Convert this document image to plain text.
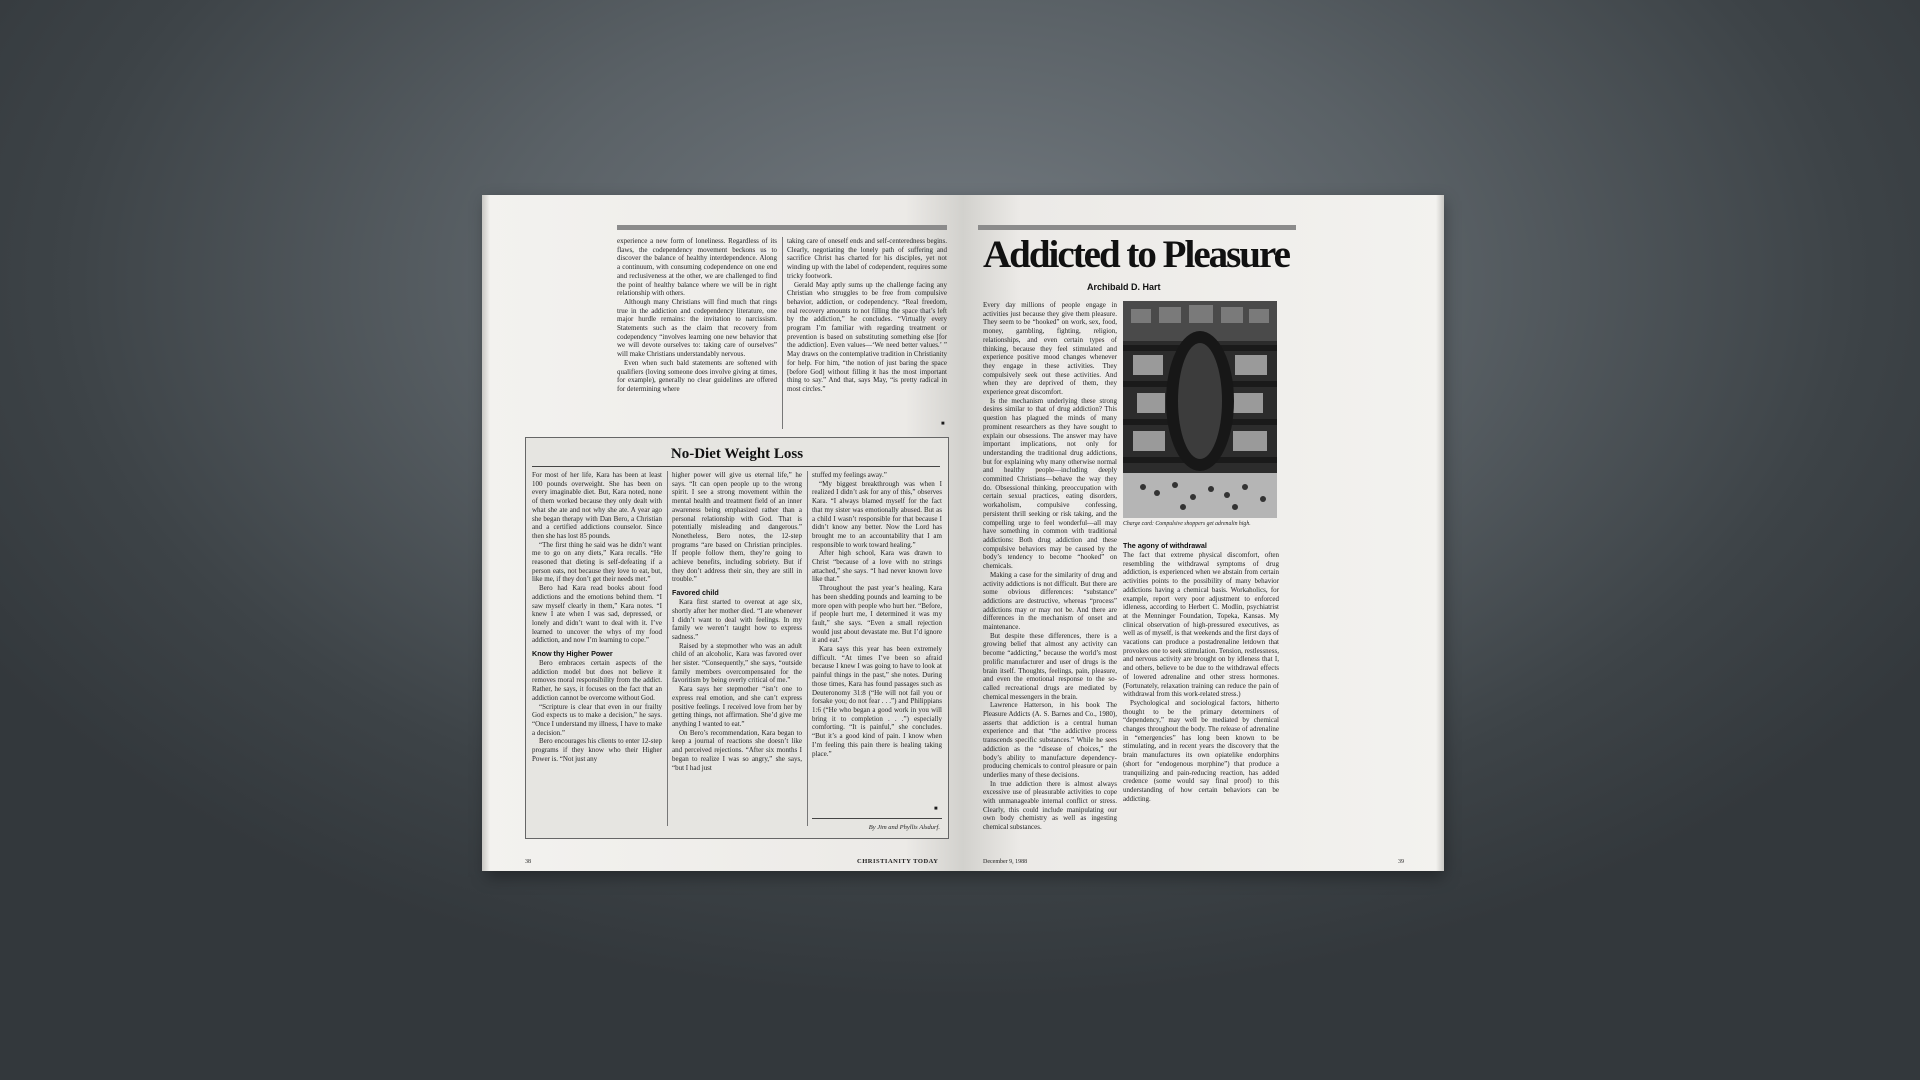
experience a new form of loneliness. Regardless of its flaws, the codependency movement beckons us to discover the balance of healthy interdependence. Along a continuum, with consuming codependence on one end and reclusiveness at the other, we are challenged to find the point of healthy balance where we will be in right relationship with others.

Although many Christians will find much that rings true in the addiction and codependency literature, one major hurdle remains: the invitation to narcissism. Statements such as the claim that recovery from codependency “involves learning one new behavior that we will devote ourselves to: taking care of ourselves” will make Christians understandably nervous.

Even when such bald statements are softened with qualifiers (loving someone does involve giving at times, for example), generally no clear guidelines are offered for determining where

taking care of oneself ends and self-centeredness begins. Clearly, negotiating the lonely path of suffering and sacrifice Christ has charted for his disciples, yet not winding up with the label of codependent, requires some tricky footwork.

Gerald May aptly sums up the challenge facing any Christian who struggles to be free from compulsive behavior, addiction, or codependency. “Real freedom, real recovery amounts to not filling the space that’s left by the addiction,” he concludes. “Virtually every program I’m familiar with regarding treatment or prevention is based on substituting something else [for the addiction]. Even values—‘We need better values.’ ” May draws on the contemplative tradition in Christianity for help. For him, “the notion of just baring the space [before God] without filling it has the most important thing to say.” And that, says May, “is pretty radical in most circles.”

■
No-Diet Weight Loss

For most of her life, Kara has been at least 100 pounds overweight. She has been on every imaginable diet. But, Kara noted, none of them worked because they only dealt with what she ate and not why she ate. A year ago she began therapy with Dan Bero, a Christian and a certified addictions counselor. Since then she has lost 85 pounds.

“The first thing he said was he didn’t want me to go on any diets,” Kara recalls. “He reasoned that dieting is self-defeating if a person eats, not because they love to eat, but, like me, if they don’t get their needs met.”

Bero had Kara read books about food addictions and the emotions behind them. “I saw myself clearly in them,” Kara notes. “I knew I ate when I was sad, depressed, or lonely and didn’t want to deal with it. I’ve learned to uncover the whys of my food addiction, and now I’m learning to cope.”

Know thy Higher Power

Bero embraces certain aspects of the addiction model but does not believe it removes moral responsibility from the addict. Rather, he says, it focuses on the fact that an addiction cannot be overcome without God.

“Scripture is clear that even in our frailty God expects us to make a decision,” he says. “Once I understand my illness, I have to make a decision.”

Bero encourages his clients to enter 12-step programs if they know who their Higher Power is. “Not just any

higher power will give us eternal life,” he says. “It can open people up to the wrong spirit. I see a strong movement within the mental health and treatment field of an inner awareness being emphasized rather than a personal relationship with God. That is potentially misleading and dangerous.” Nonetheless, Bero notes, the 12-step programs “are based on Christian principles. If people follow them, they’re going to achieve benefits, including sobriety. But if they don’t address their sin, they are still in trouble.”

Favored child

Kara first started to overeat at age six, shortly after her mother died. “I ate whenever I didn’t want to deal with feelings. In my family we weren’t taught how to express sadness.”

Raised by a stepmother who was an adult child of an alcoholic, Kara was favored over her sister. “Consequently,” she says, “outside family members overcompensated for the favoritism by being overly critical of me.”

Kara says her stepmother “isn’t one to express real emotion, and she can’t express positive feelings. I received love from her by getting things, not affirmation. She’d give me anything I wanted to eat.”

On Bero’s recommendation, Kara began to keep a journal of reactions she doesn’t like and perceived rejections. “After six months I began to realize I was so angry,” she says, “but I had just

stuffed my feelings away.”

“My biggest breakthrough was when I realized I didn’t ask for any of this,” observes Kara. “I always blamed myself for the fact that my sister was emotionally abused. But as a child I wasn’t responsible for that because I didn’t know any better. Now the Lord has brought me to an accountability that I am responsible to work toward healing.”

After high school, Kara was drawn to Christ “because of a love with no strings attached,” she says. “I had never known love like that.”

Throughout the past year’s healing, Kara has been shedding pounds and learning to be more open with people who hurt her. “Before, if people hurt me, I determined it was my fault,” she says. “Even a small rejection would just about devastate me. But I’d ignore it and eat.”

Kara says this year has been extremely difficult. “At times I’ve been so afraid because I knew I was going to have to look at painful things in the past,” she notes. During those times, Kara has found passages such as Deuteronomy 31:8 (“He will not fail you or forsake you; do not fear . . .”) and Philippians 1:6 (“He who began a good work in you will bring it to completion . . .”) especially comforting. “It is painful,” she concludes. “But it’s a good kind of pain. I know when I’m feeling this pain there is healing taking place.”

■
By Jim and Phyllis Alsdurf.
38	CHRISTIANITY TODAY
Addicted to Pleasure
Archibald D. Hart

Every day millions of people engage in activities just because they give them pleasure. They seem to be “hooked” on work, sex, food, money, gambling, fighting, religion, relationships, and even certain types of thinking, because they feel stimulated and experience positive mood changes whenever they engage in these activities. They compulsively seek out these activities. And when they are deprived of them, they experience great discomfort.

Is the mechanism underlying these strong desires similar to that of drug addiction? This question has plagued the minds of many prominent researchers as they have sought to explain our obsessions. The answer may have important implications, not only for understanding the traditional drug addictions, but for explaining why many otherwise normal and healthy people—including deeply committed Christians—behave the way they do. Obsessional thinking, preoccupation with certain sexual practices, eating disorders, workaholism, compulsive confessing, persistent thrill seeking or risk taking, and the compelling urge to feel wonderful—all may have something in common with traditional addictions: Both drug addiction and these compulsive behaviors may be caused by the body’s tendency to become “hooked” on chemicals.

Making a case for the similarity of drug and activity addictions is not difficult. But there are some obvious differences: “substance” addictions are destructive, whereas “process” addictions may or may not be. And there are differences in the mechanism of onset and maintenance.

But despite these differences, there is a growing belief that almost any activity can become “addicting,” because the world’s most prolific manufacturer and user of drugs is the brain itself. Thoughts, feelings, pain, pleasure, and even the emotional response to the so-called recreational drugs are mediated by chemical messengers in the brain.

Lawrence Hatterson, in his book The Pleasure Addicts (A. S. Barnes and Co., 1980), asserts that addiction is a central human experience and that “the addictive process transcends specific substances.” While he sees addiction as the “disease of choices,” the body’s ability to manufacture dependency-producing chemicals to control pleasure or pain underlies many of these decisions.

In true addiction there is almost always excessive use of pleasurable activities to cope with unmanageable internal conflict or stress. Clearly, this could include manipulating our own body chemistry as well as ingesting chemical substances.

Charge card: Compulsive shoppers get adrenalin high.
The agony of withdrawal

The fact that extreme physical discomfort, often resembling the withdrawal symptoms of drug addiction, is experienced when we abstain from certain activities points to the possibility of many behavior addictions having a chemical basis. Workaholics, for example, report very poor adjustment to enforced idleness, according to Herbert C. Modlin, psychiatrist at the Menninger Foundation, Topeka, Kansas. My clinical observation of high-pressured executives, as well as of myself, is that weekends and the first days of vacations can produce a postadrenaline letdown that provokes one to seek stimulation. Tension, restlessness, and nervous activity are brought on by idleness that I, and others, believe to be due to the withdrawal effects of lowered adrenaline and other stress hormones. (Fortunately, relaxation training can reduce the pain of withdrawal from this work-related stress.)

Psychological and sociological factors, hitherto thought to be the primary determiners of “dependency,” may well be mediated by chemical changes throughout the body. The release of adrenaline in “emergencies” has long been known to be stimulating, and in recent years the discovery that the brain manufactures its own opiatelike endorphins (short for “endogenous morphine”) that produce a tranquilizing and pain-reducing reaction, has added credence (some would say final proof) to this understanding of how certain behaviors can be addicting.

December 9, 1988	39
